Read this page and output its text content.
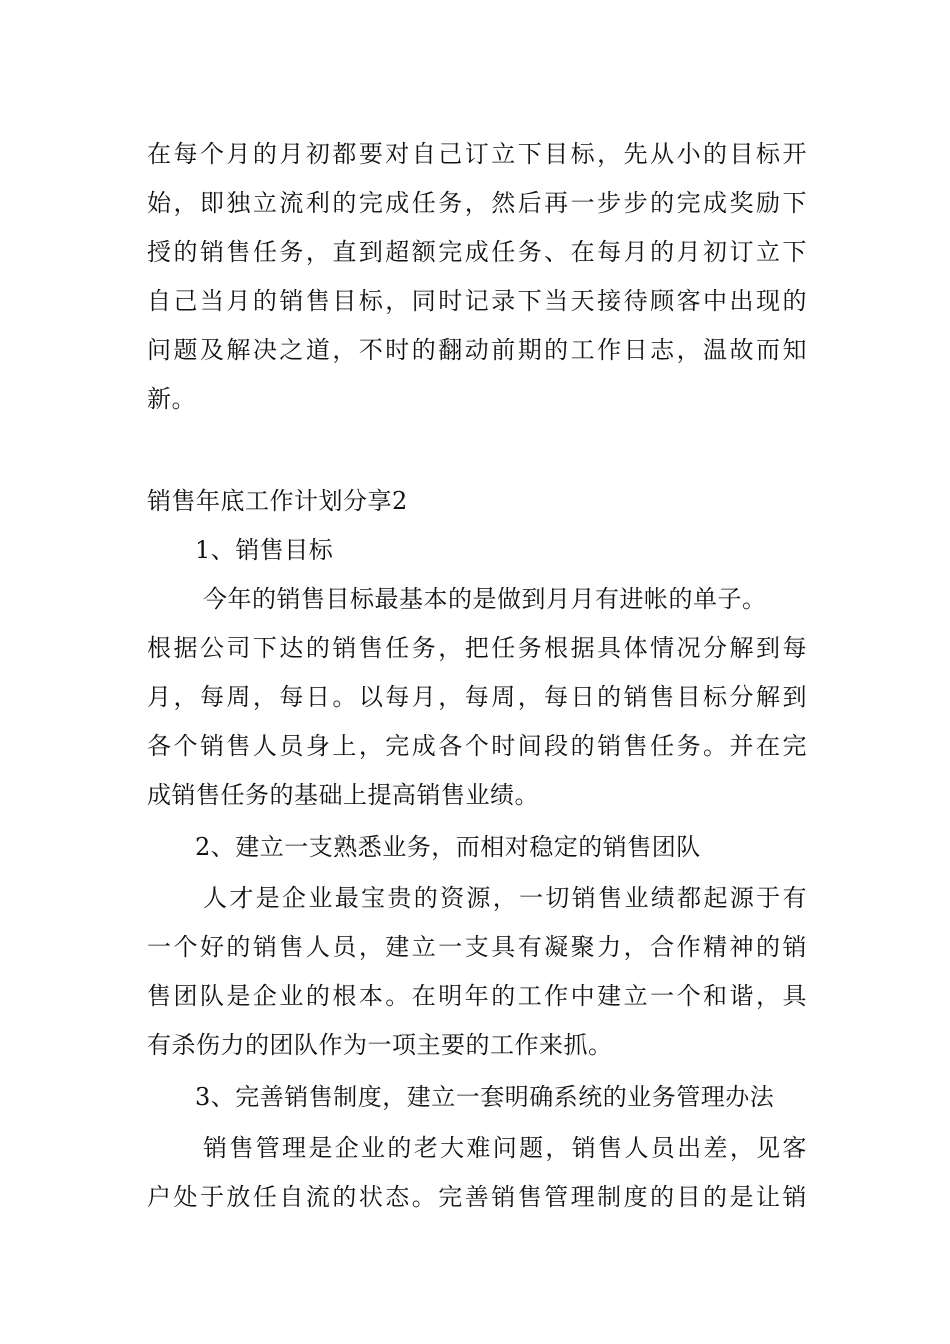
在每个月的月初都要对自己订立下目标，先从小的目标开
始，即独立流利的完成任务，然后再一步步的完成奖励下
授的销售任务，直到超额完成任务、在每月的月初订立下
自己当月的销售目标，同时记录下当天接待顾客中出现的
问题及解决之道，不时的翻动前期的工作日志，温故而知
新。
销售年底工作计划分享2
1、销售目标
今年的销售目标最基本的是做到月月有进帐的单子。
根据公司下达的销售任务，把任务根据具体情况分解到每
月，每周，每日。以每月，每周，每日的销售目标分解到
各个销售人员身上，完成各个时间段的销售任务。并在完
成销售任务的基础上提高销售业绩。
2、建立一支熟悉业务，而相对稳定的销售团队
人才是企业最宝贵的资源，一切销售业绩都起源于有
一个好的销售人员，建立一支具有凝聚力，合作精神的销
售团队是企业的根本。在明年的工作中建立一个和谐，具
有杀伤力的团队作为一项主要的工作来抓。
3、完善销售制度，建立一套明确系统的业务管理办法
销售管理是企业的老大难问题，销售人员出差，见客
户处于放任自流的状态。完善销售管理制度的目的是让销
